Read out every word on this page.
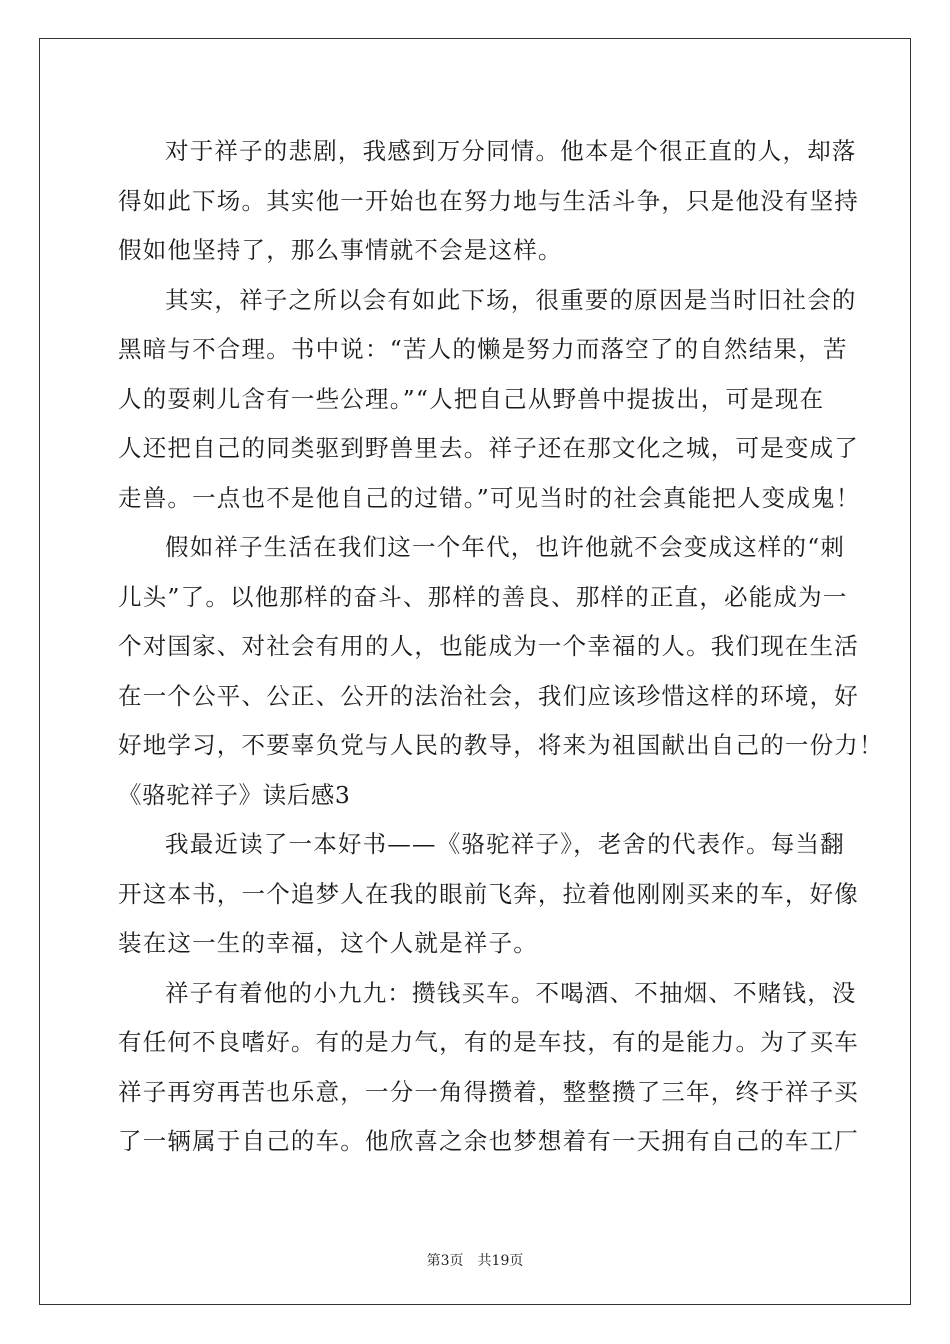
对于祥子的悲剧，我感到万分同情。他本是个很正直的人，却落
得如此下场。其实他一开始也在努力地与生活斗争，只是他没有坚持
假如他坚持了，那么事情就不会是这样。
其实，祥子之所以会有如此下场，很重要的原因是当时旧社会的
黑暗与不合理。书中说：“苦人的懒是努力而落空了的自然结果，苦
人的耍刺儿含有一些公理。”“人把自己从野兽中提拔出，可是现在
人还把自己的同类驱到野兽里去。祥子还在那文化之城，可是变成了
走兽。一点也不是他自己的过错。”可见当时的社会真能把人变成鬼！
假如祥子生活在我们这一个年代，也许他就不会变成这样的“刺
儿头”了。以他那样的奋斗、那样的善良、那样的正直，必能成为一
个对国家、对社会有用的人，也能成为一个幸福的人。我们现在生活
在一个公平、公正、公开的法治社会，我们应该珍惜这样的环境，好
好地学习，不要辜负党与人民的教导，将来为祖国献出自己的一份力！
《骆驼祥子》读后感3
我最近读了一本好书——《骆驼祥子》，老舍的代表作。每当翻
开这本书，一个追梦人在我的眼前飞奔，拉着他刚刚买来的车，好像
装在这一生的幸福，这个人就是祥子。
祥子有着他的小九九：攒钱买车。不喝酒、不抽烟、不赌钱，没
有任何不良嗜好。有的是力气，有的是车技，有的是能力。为了买车
祥子再穷再苦也乐意，一分一角得攒着，整整攒了三年，终于祥子买
了一辆属于自己的车。他欣喜之余也梦想着有一天拥有自己的车工厂
第3页 共19页
